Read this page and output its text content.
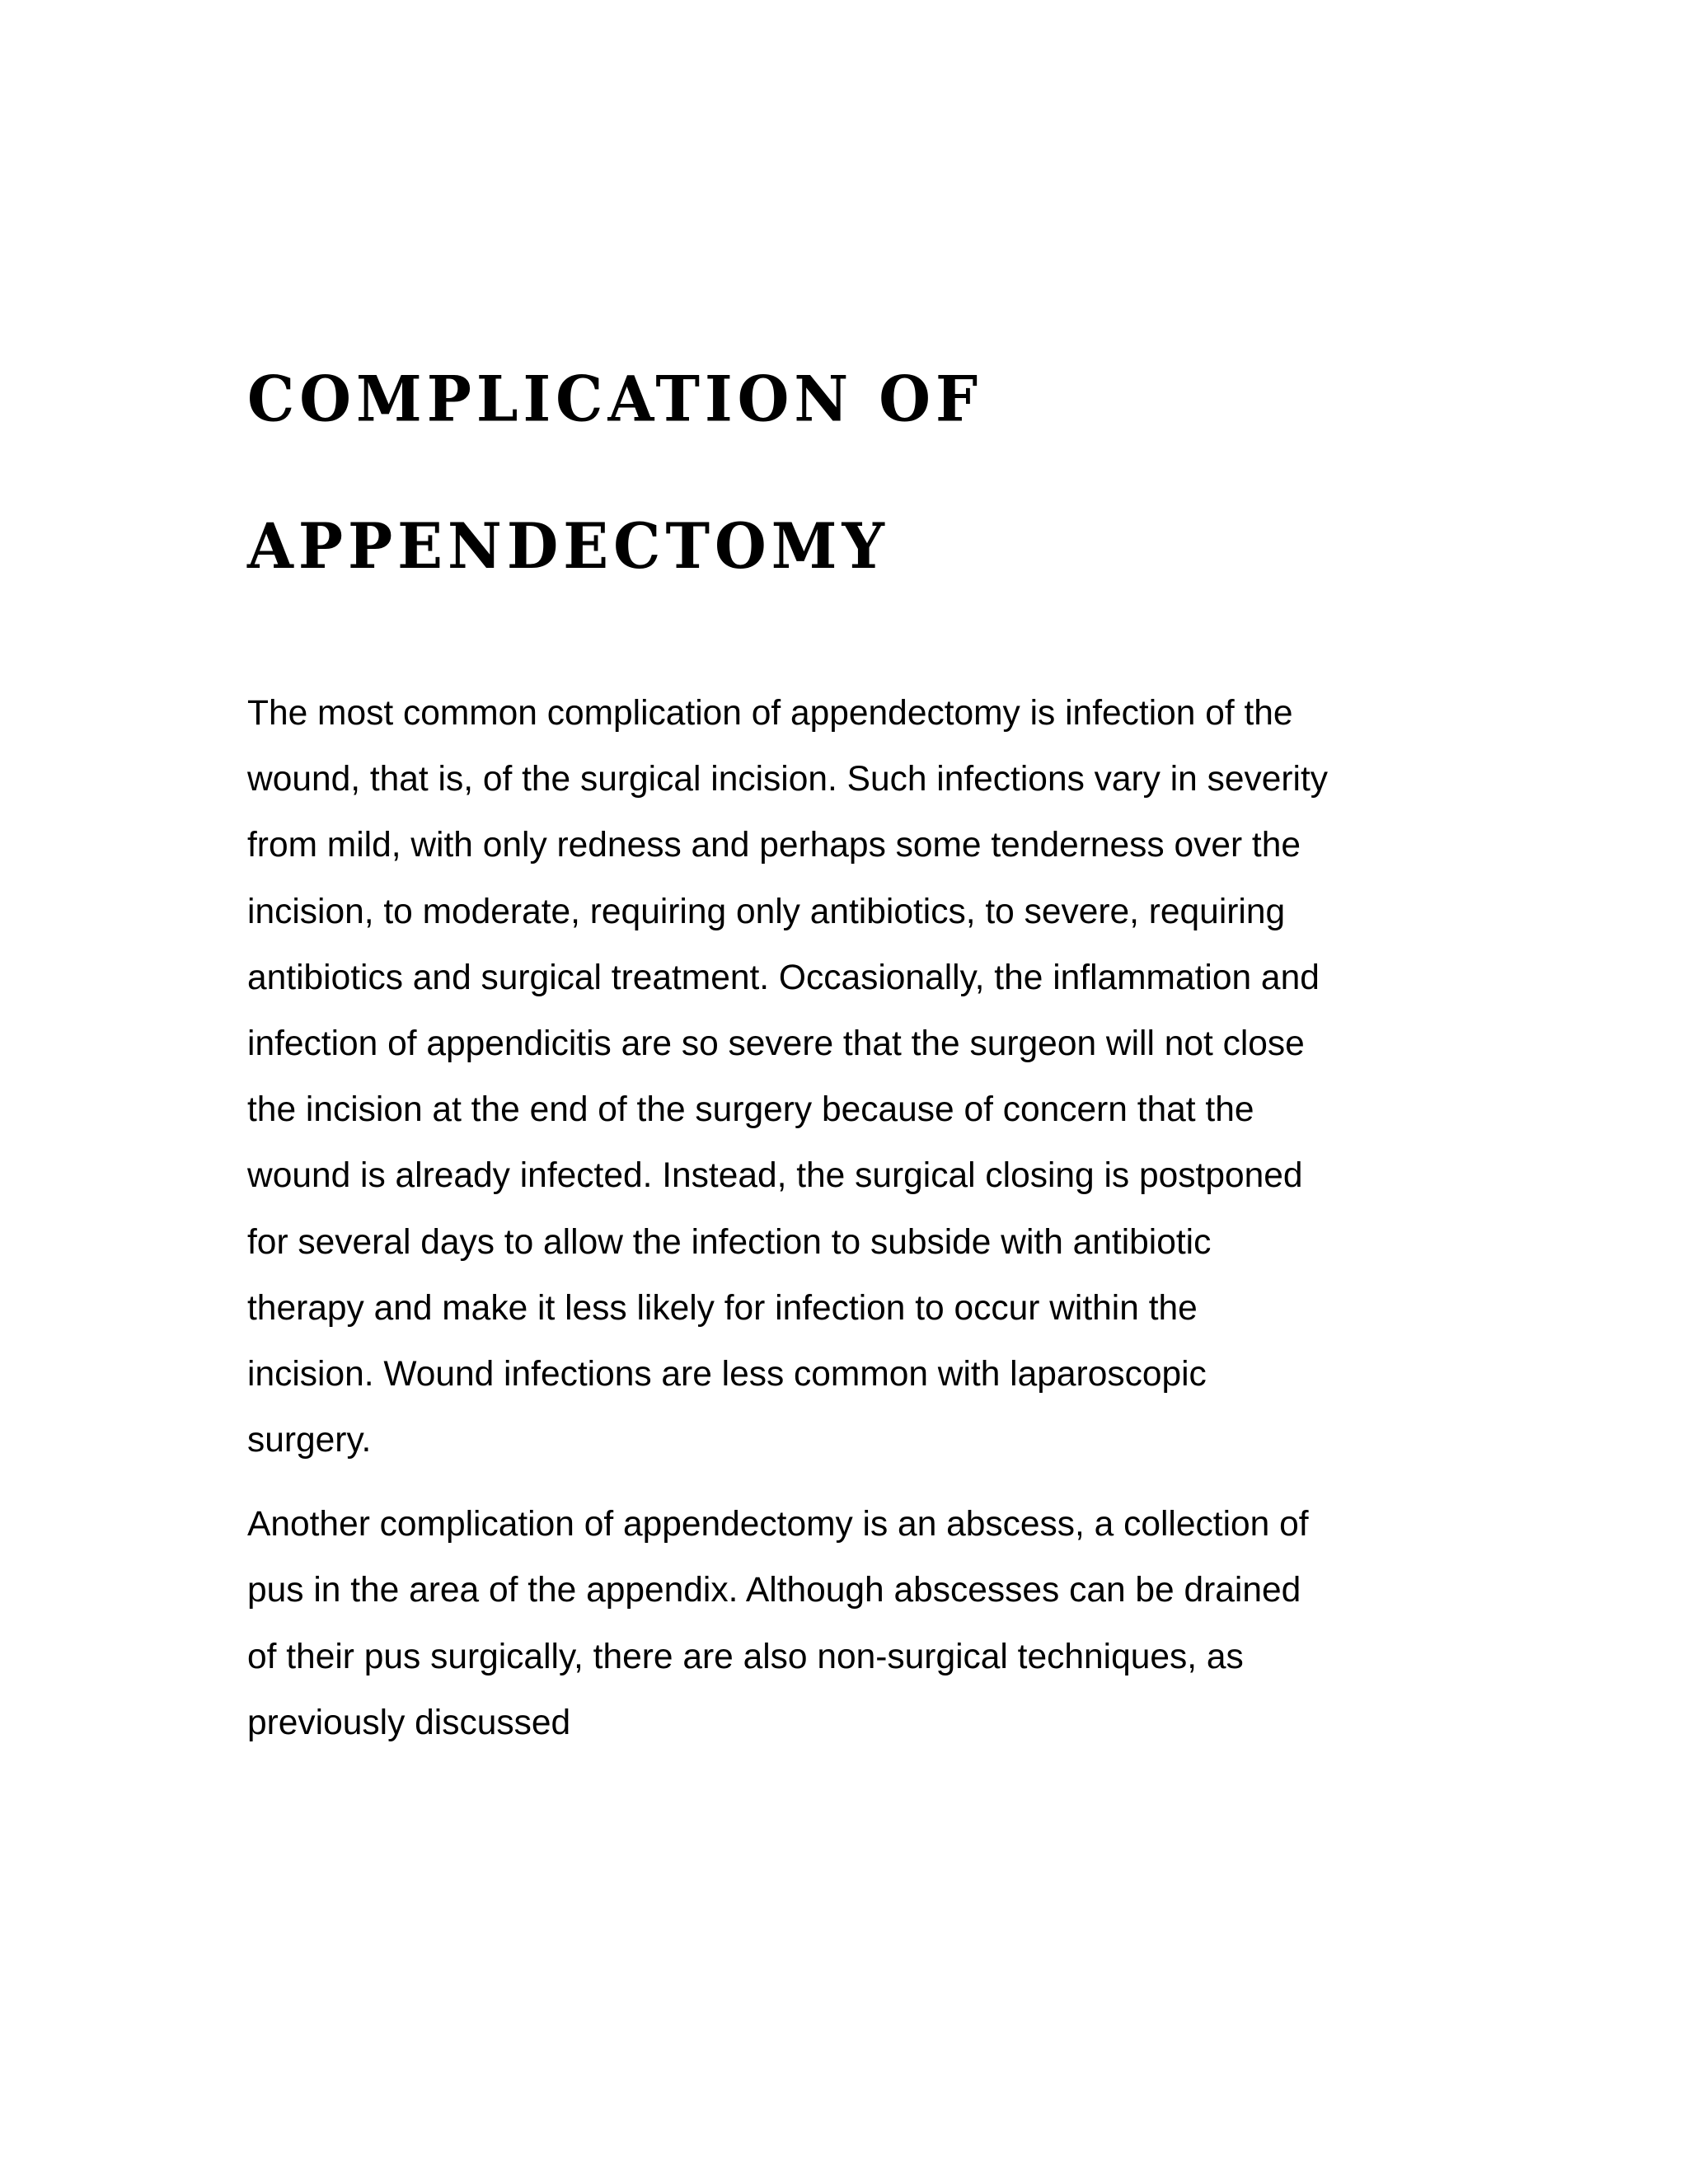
COMPLICATION OF
APPENDECTOMY

The most common complication of appendectomy is infection of the
wound, that is, of the surgical incision. Such infections vary in severity
from mild, with only redness and perhaps some tenderness over the
incision, to moderate, requiring only antibiotics, to severe, requiring
antibiotics and surgical treatment. Occasionally, the inflammation and
infection of appendicitis are so severe that the surgeon will not close
the incision at the end of the surgery because of concern that the
wound is already infected. Instead, the surgical closing is postponed
for several days to allow the infection to subside with antibiotic
therapy and make it less likely for infection to occur within the
incision. Wound infections are less common with laparoscopic
surgery.

Another complication of appendectomy is an abscess, a collection of
pus in the area of the appendix. Although abscesses can be drained
of their pus surgically, there are also non-surgical techniques, as
previously discussed
